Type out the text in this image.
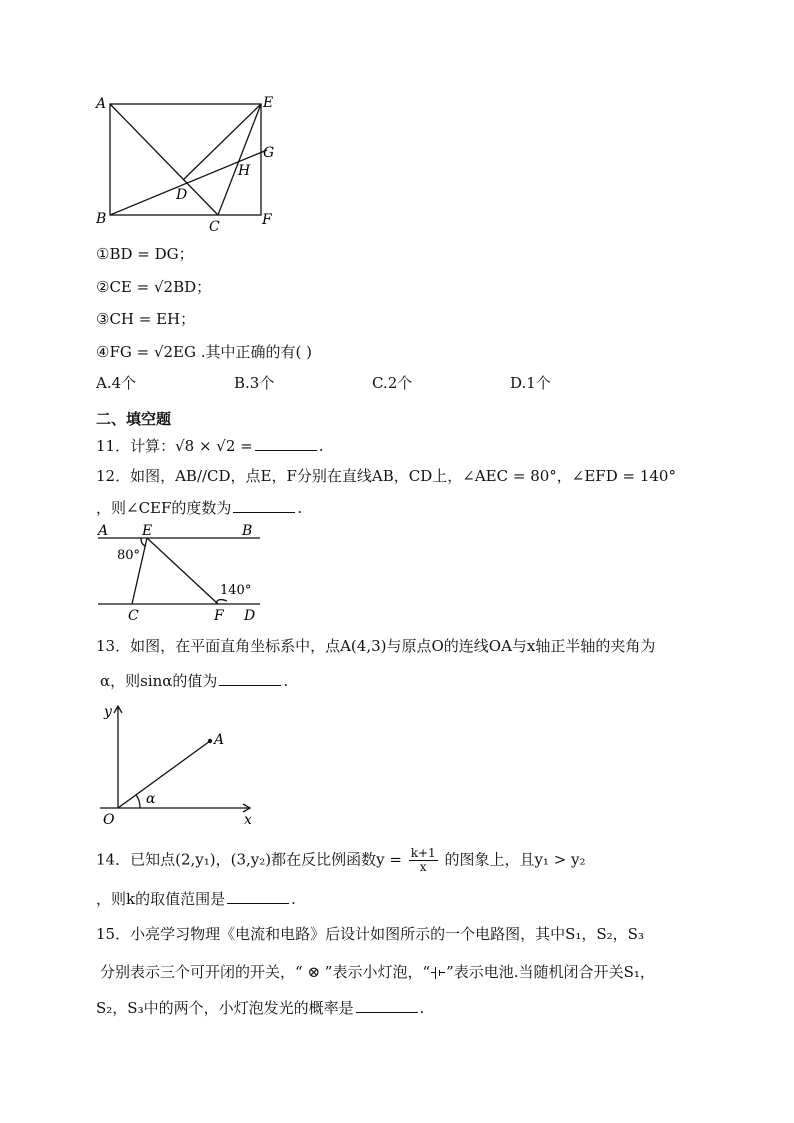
A	E
G
H
D
B	C	F
①BD = DG；
②CE = √2BD；
③CH = EH；
④FG = √2EG .其中正确的有( )
A.4个	B.3个	C.2个	D.1个
二、填空题
11．计算：√8 × √2 =	.
12．如图，AB//CD，点E，F分别在直线AB，CD上，∠AEC = 80°，∠EFD = 140°
，则∠CEF的度数为	.
A E	B
80°
140°
C	F D
13．如图，在平面直角坐标系中，点A(4,3)与原点O的连线OA与x轴正半轴的夹角为
α，则sinα的值为	.
y
A
α
O	x
14．已知点(2,y₁)，(3,y₂)都在反比例函数$y = \frac{k+1}{x}$ 的图象上，且y₁ > y₂
，则k的取值范围是	.
15．小亮学习物理《电流和电路》后设计如图所示的一个电路图，其中S₁，S₂，S₃
分别表示三个可开闭的开关，“ ⊗ ”表示小灯泡，“ ”表示电池.当随机闭合开关S₁，
S₂，S₃中的两个，小灯泡发光的概率是	.
